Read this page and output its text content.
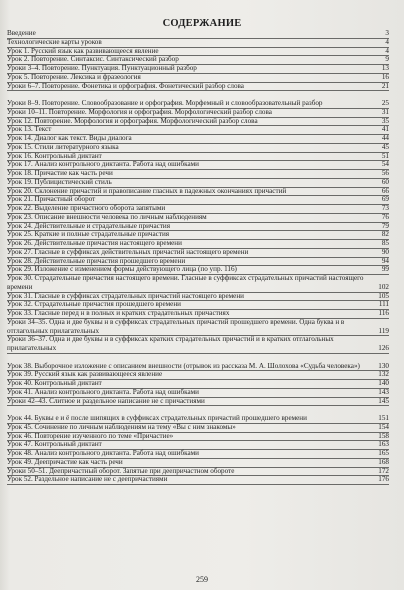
СОДЕРЖАНИЕ
Введение	3
Технологические карты уроков	4
Урок 1. Русский язык как развивающееся явление	4
Урок 2. Повторение. Синтаксис. Синтаксический разбор	9
Уроки 3–4. Повторение. Пунктуация. Пунктуационный разбор	13
Урок 5. Повторение. Лексика и фразеология	16
Уроки 6–7. Повторение. Фонетика и орфография. Фонетический разбор слова	21
Уроки 8–9. Повторение. Словообразование и орфография. Морфемный и словообразовательный разбор	25
Уроки 10–11. Повторение. Морфология и орфография. Морфологический разбор слова	31
Урок 12. Повторение. Морфология и орфография. Морфологический разбор слова	35
Урок 13. Текст	41
Урок 14. Диалог как текст. Виды диалога	44
Урок 15. Стили литературного языка	45
Урок 16. Контрольный диктант	51
Урок 17. Анализ контрольного диктанта. Работа над ошибками	54
Урок 18. Причастие как часть речи	56
Урок 19. Публицистический стиль	60
Урок 20. Склонение причастий и правописание гласных в падежных окончаниях причастий	66
Урок 21. Причастный оборот	69
Урок 22. Выделение причастного оборота запятыми	73
Урок 23. Описание внешности человека по личным наблюдениям	76
Урок 24. Действительные и страдательные причастия	79
Урок 25. Краткие и полные страдательные причастия	82
Урок 26. Действительные причастия настоящего времени	85
Урок 27. Гласные в суффиксах действительных причастий настоящего времени	90
Урок 28. Действительные причастия прошедшего времени	94
Урок 29. Изложение с изменением формы действующего лица (по упр. 116)	99
Урок 30. Страдательные причастия настоящего времени. Гласные в суффиксах страдательных причастий настоящего времени	102
Урок 31. Гласные в суффиксах страдательных причастий настоящего времени	105
Урок 32. Страдательные причастия прошедшего времени	111
Урок 33. Гласные перед н в полных и кратких страдательных причастиях	116
Уроки 34–35. Одна и две буквы н в суффиксах страдательных причастий прошедшего времени. Одна буква н в отглагольных прилагательных	119
Уроки 36–37. Одна и две буквы н в суффиксах кратких страдательных причастий и в кратких отглагольных прилагательных	126
Урок 38. Выборочное изложение с описанием внешности (отрывок из рассказа М. А. Шолохова «Судьба человека»)	130
Урок 39. Русский язык как развивающееся явление	132
Урок 40. Контрольный диктант	140
Урок 41. Анализ контрольного диктанта. Работа над ошибками	143
Уроки 42–43. Слитное и раздельное написание не с причастиями	145
Урок 44. Буквы е и ё после шипящих в суффиксах страдательных причастий прошедшего времени	151
Урок 45. Сочинение по личным наблюдениям на тему «Вы с ним знакомы»	154
Урок 46. Повторение изученного по теме «Причастие»	158
Урок 47. Контрольный диктант	163
Урок 48. Анализ контрольного диктанта. Работа над ошибками	165
Урок 49. Деепричастие как часть речи	168
Уроки 50–51. Деепричастный оборот. Запятые при деепричастном обороте	172
Урок 52. Раздельное написание не с деепричастиями	176
259
